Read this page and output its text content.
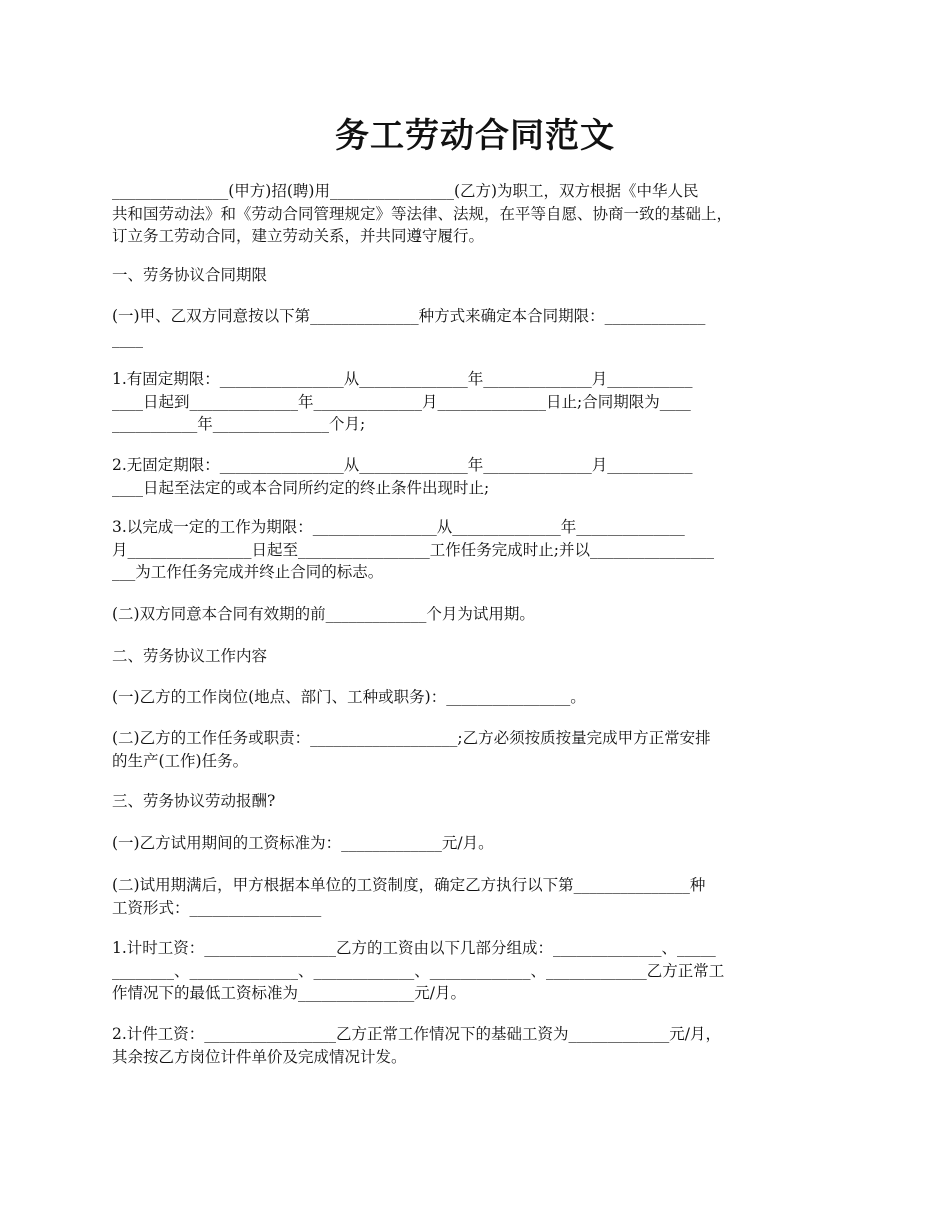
务工劳动合同范文

_______________(甲方)招(聘)用________________(乙方)为职工，双方根据《中华人民
共和国劳动法》和《劳动合同管理规定》等法律、法规，在平等自愿、协商一致的基础上，
订立务工劳动合同，建立劳动关系，并共同遵守履行。

一、劳务协议合同期限

(一)甲、乙双方同意按以下第______________种方式来确定本合同期限：_____________
____

1.有固定期限：________________从______________年______________月___________
____日起到______________年______________月______________日止;合同期限为____
___________年_______________个月;

2.无固定期限：________________从______________年______________月___________
____日起至法定的或本合同所约定的终止条件出现时止;

3.以完成一定的工作为期限：________________从______________年______________
月________________日起至_________________工作任务完成时止;并以________________
___为工作任务完成并终止合同的标志。

(二)双方同意本合同有效期的前_____________个月为试用期。

二、劳务协议工作内容

(一)乙方的工作岗位(地点、部门、工种或职务)：________________。

(二)乙方的工作任务或职责：___________________;乙方必须按质按量完成甲方正常安排
的生产(工作)任务。

三、劳务协议劳动报酬?

(一)乙方试用期间的工资标准为：_____________元/月。

(二)试用期满后，甲方根据本单位的工资制度，确定乙方执行以下第_______________种
工资形式：_________________

1.计时工资：_________________乙方的工资由以下几部分组成：______________、_____
________、______________、_____________、_____________、_____________乙方正常工
作情况下的最低工资标准为_______________元/月。

2.计件工资：_________________乙方正常工作情况下的基础工资为_____________元/月，
其余按乙方岗位计件单价及完成情况计发。
